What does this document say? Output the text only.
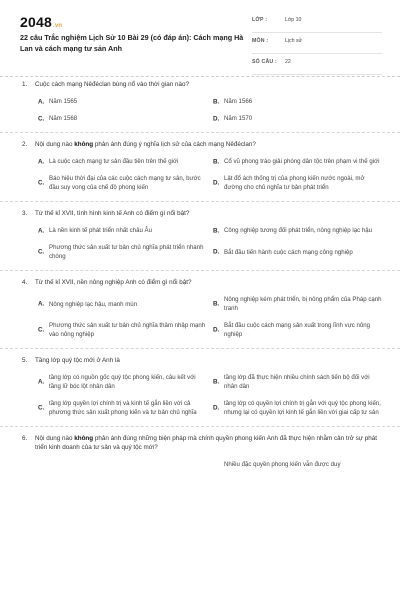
2048.vn
22 câu Trắc nghiệm Lịch Sử 10 Bài 29 (có đáp án): Cách mạng Hà Lan và cách mạng tư sản Anh
LỚP :	Lớp 10
MÔN :	Lịch sử
SỐ CÂU : 22
1. Cuộc cách mạng Nêđéclan bùng nổ vào thời gian nào?
A. Năm 1565	B. Năm 1566
C. Năm 1568	D. Năm 1570
2. Nội dung nào không phản ánh đúng ý nghĩa lịch sử của cách mạng Nêđéclan?
A. Là cuộc cách mạng tư sản đầu tiên trên thế giới	B. Cổ vũ phong trào giải phóng dân tộc trên phạm vi thế giới
C.
Báo hiệu thời đại của các cuộc cách mạng tư sản, bước đầu suy vong của chế độ phong kiến
D.
Lật đổ ách thống trị của phong kiến nước ngoài, mở đường cho chủ nghĩa tư bản phát triển
3. Từ thế kỉ XVII, tình hình kinh tế Anh có điểm gì nổi bật?
A. Là nền kinh tế phát triển nhất châu Âu	B. Công nghiệp tương đối phát triển, nông nghiệp lạc hậu
C.
Phương thức sản xuất tư bản chủ nghĩa phát triển nhanh chóng
D. Bắt đầu tiến hành cuộc cách mạng công nghiệp
4. Từ thế kỉ XVII, nền nông nghiệp Anh có điểm gì nổi bật?
A. Nông nghiệp lạc hậu, manh mún	B.
Nông nghiệp kém phát triển, bị nông phẩm của Pháp cạnh tranh
C.
Phương thức sản xuất tư bản chủ nghĩa thâm nhập mạnh vào nông nghiệp
D.
Bắt đầu cuộc cách mạng sản xuất trong lĩnh vực nông nghiệp
5. Tầng lớp quý tộc mới ở Anh là
A.
tầng lớp có nguồn gốc quý tộc phong kiến, câu kết với tầng lữ bóc lột nhân dân
B.
tầng lớp đã thực hiện nhiều chính sách tiến bộ đối với nhân dân
C.
tầng lớp quyền lợi chính trị và kinh tế gắn liền với cả phương thức sản xuất phong kiến và tư bản chủ nghĩa
D.
tầng lớp có quyền lợi chính trị gắn với quý tộc phong kiến, nhưng lại có quyền lợi kinh tế gắn liền với giai cấp tư sản
6. Nội dung nào không phản ánh đúng những biện pháp mà chính quyền phong kiến Anh đã thực hiện nhằm cản trở sự phát triển kinh doanh của tư sản và quý tộc mới?
Nhiều đặc quyền phong kiến vẫn được duy
